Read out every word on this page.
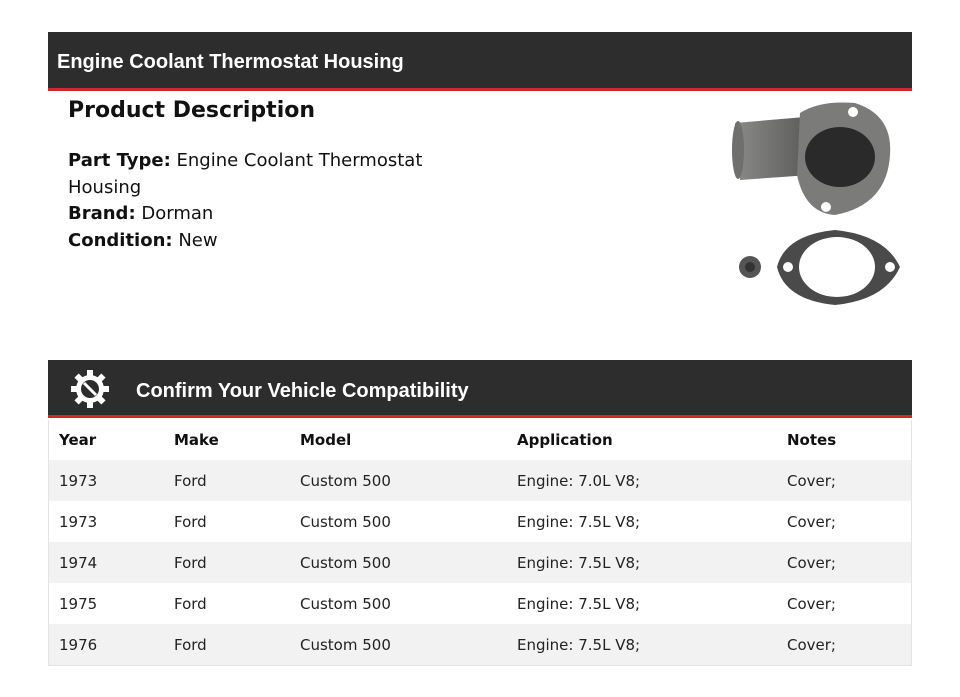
Engine Coolant Thermostat Housing
Product Description
Part Type: Engine Coolant Thermostat Housing
Brand: Dorman
Condition: New
Confirm Your Vehicle Compatibility
Year	Make	Model	Application	Notes
1973	Ford	Custom 500	Engine: 7.0L V8;	Cover;
1973	Ford	Custom 500	Engine: 7.5L V8;	Cover;
1974	Ford	Custom 500	Engine: 7.5L V8;	Cover;
1975	Ford	Custom 500	Engine: 7.5L V8;	Cover;
1976	Ford	Custom 500	Engine: 7.5L V8;	Cover;
